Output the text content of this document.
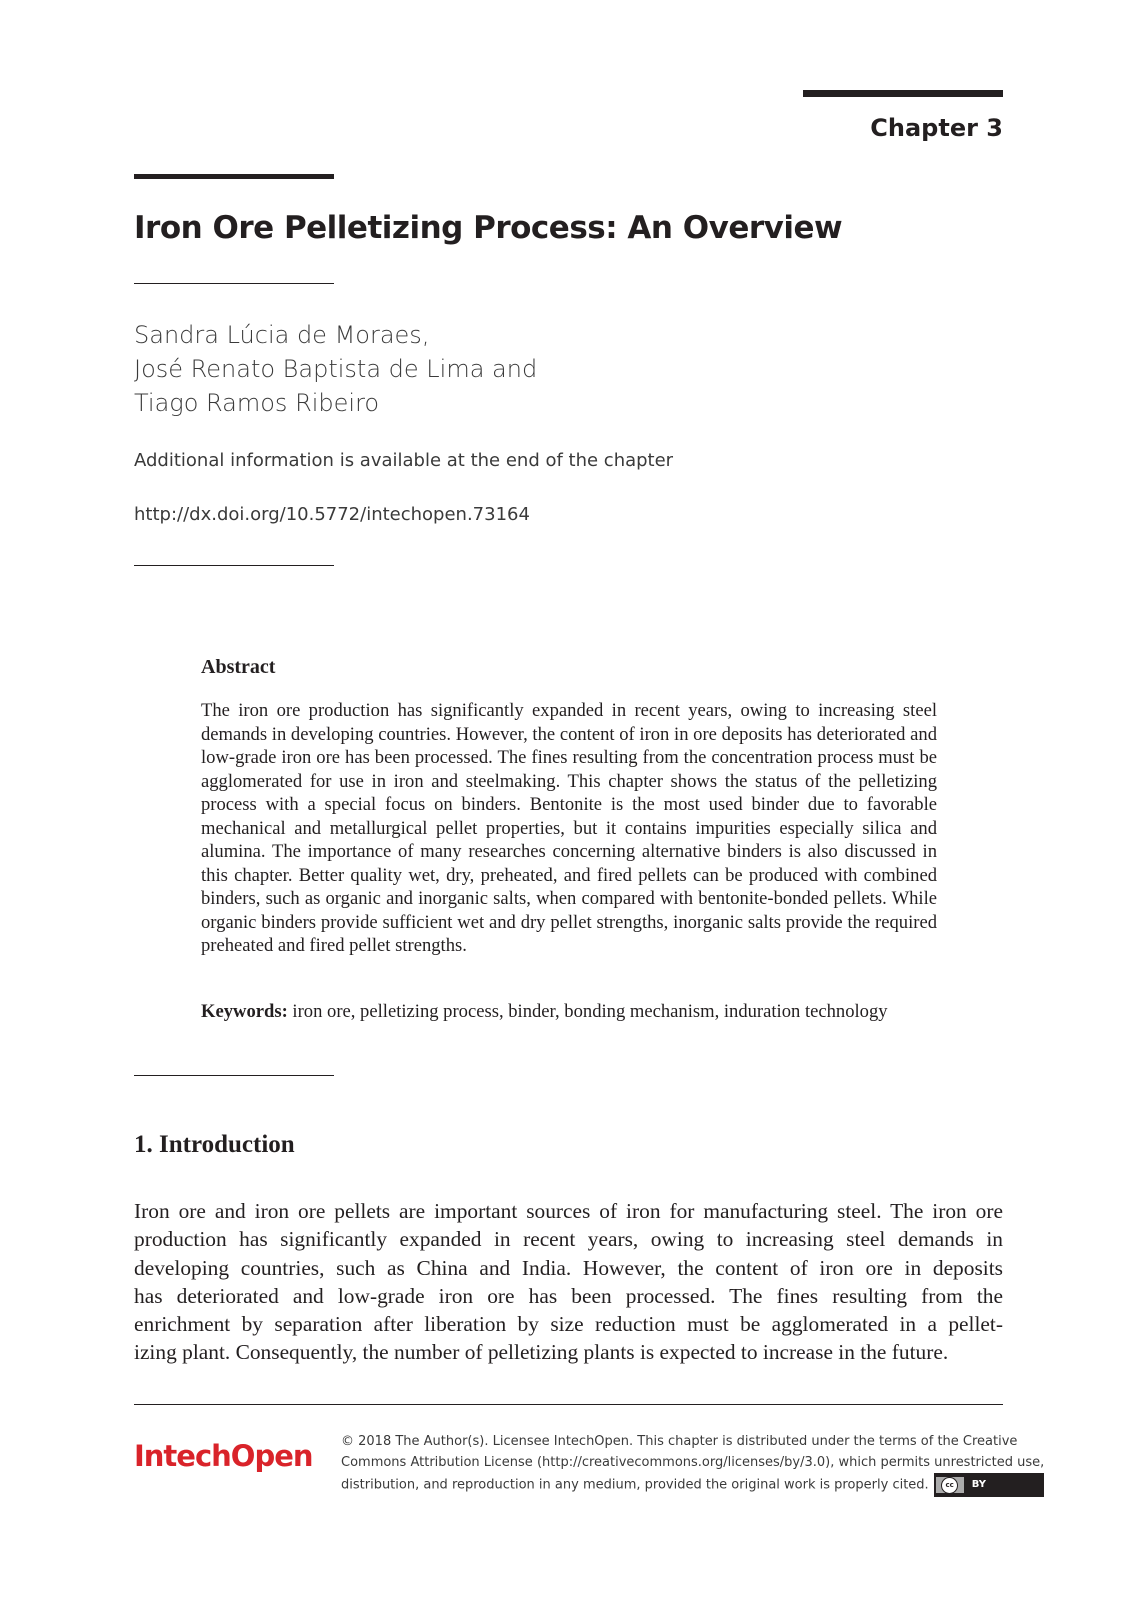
Chapter 3
Iron Ore Pelletizing Process: An Overview
Sandra Lúcia de Moraes,
José Renato Baptista de Lima and
Tiago Ramos Ribeiro
Additional information is available at the end of the chapter
http://dx.doi.org/10.5772/intechopen.73164
Abstract
The iron ore production has significantly expanded in recent years, owing to increasing steel demands in developing countries. However, the content of iron in ore deposits has deteriorated and low-grade iron ore has been processed. The fines resulting from the concentration process must be agglomerated for use in iron and steelmaking. This chapter shows the status of the pelletizing process with a special focus on binders. Bentonite is the most used binder due to favorable mechanical and metallurgical pellet properties, but it contains impurities especially silica and alumina. The importance of many researches concerning alternative binders is also discussed in this chapter. Better quality wet, dry, preheated, and fired pellets can be produced with combined binders, such as organic and inorganic salts, when compared with bentonite-bonded pellets. While organic binders provide sufficient wet and dry pellet strengths, inorganic salts provide the required preheated and fired pellet strengths.
Keywords: iron ore, pelletizing process, binder, bonding mechanism, induration technology
1. Introduction
Iron ore and iron ore pellets are important sources of iron for manufacturing steel. The iron ore
production has significantly expanded in recent years, owing to increasing steel demands in
developing countries, such as China and India. However, the content of iron ore in deposits
has deteriorated and low-grade iron ore has been processed. The fines resulting from the
enrichment by separation after liberation by size reduction must be agglomerated in a pellet-
izing plant. Consequently, the number of pelletizing plants is expected to increase in the future.
IntechOpen © 2018 The Author(s). Licensee IntechOpen. This chapter is distributed under the terms of the Creative
Commons Attribution License (http://creativecommons.org/licenses/by/3.0), which permits unrestricted use,
distribution, and reproduction in any medium, provided the original work is properly cited.	cc	BY
